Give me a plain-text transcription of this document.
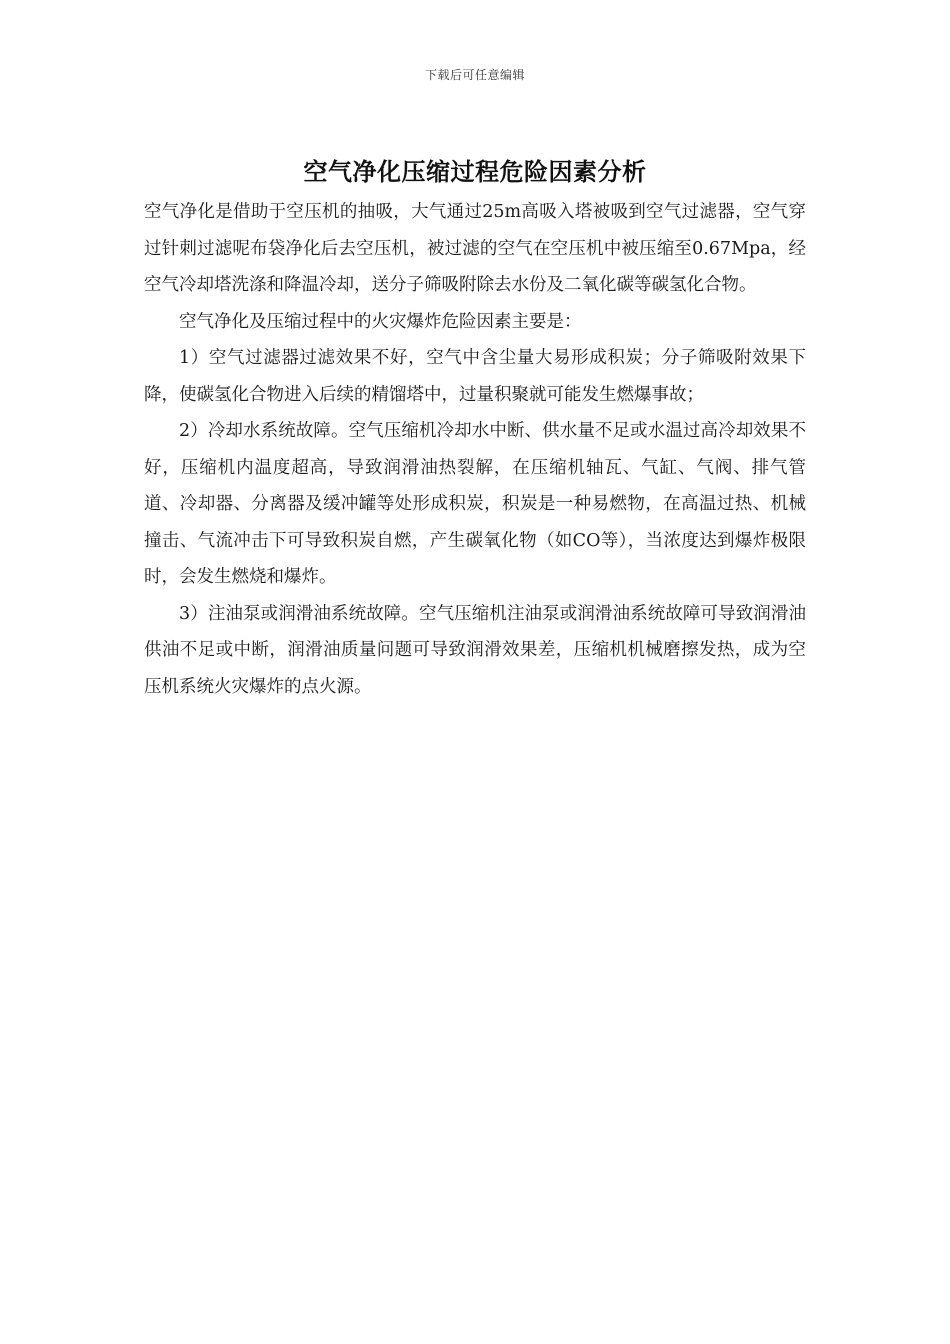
下载后可任意编辑
空气净化压缩过程危险因素分析

空气净化是借助于空压机的抽吸，大气通过25m高吸入塔被吸到空气过滤器，空气穿过针刺过滤呢布袋净化后去空压机，被过滤的空气在空压机中被压缩至0.67Mpa，经空气冷却塔洗涤和降温冷却，送分子筛吸附除去水份及二氧化碳等碳氢化合物。

空气净化及压缩过程中的火灾爆炸危险因素主要是：

1）空气过滤器过滤效果不好，空气中含尘量大易形成积炭；分子筛吸附效果下降，使碳氢化合物进入后续的精馏塔中，过量积聚就可能发生燃爆事故；

2）冷却水系统故障。空气压缩机冷却水中断、供水量不足或水温过高冷却效果不好，压缩机内温度超高，导致润滑油热裂解，在压缩机轴瓦、气缸、气阀、排气管道、冷却器、分离器及缓冲罐等处形成积炭，积炭是一种易燃物，在高温过热、机械撞击、气流冲击下可导致积炭自燃，产生碳氧化物（如CO等），当浓度达到爆炸极限时，会发生燃烧和爆炸。

3）注油泵或润滑油系统故障。空气压缩机注油泵或润滑油系统故障可导致润滑油供油不足或中断，润滑油质量问题可导致润滑效果差，压缩机机械磨擦发热，成为空压机系统火灾爆炸的点火源。
